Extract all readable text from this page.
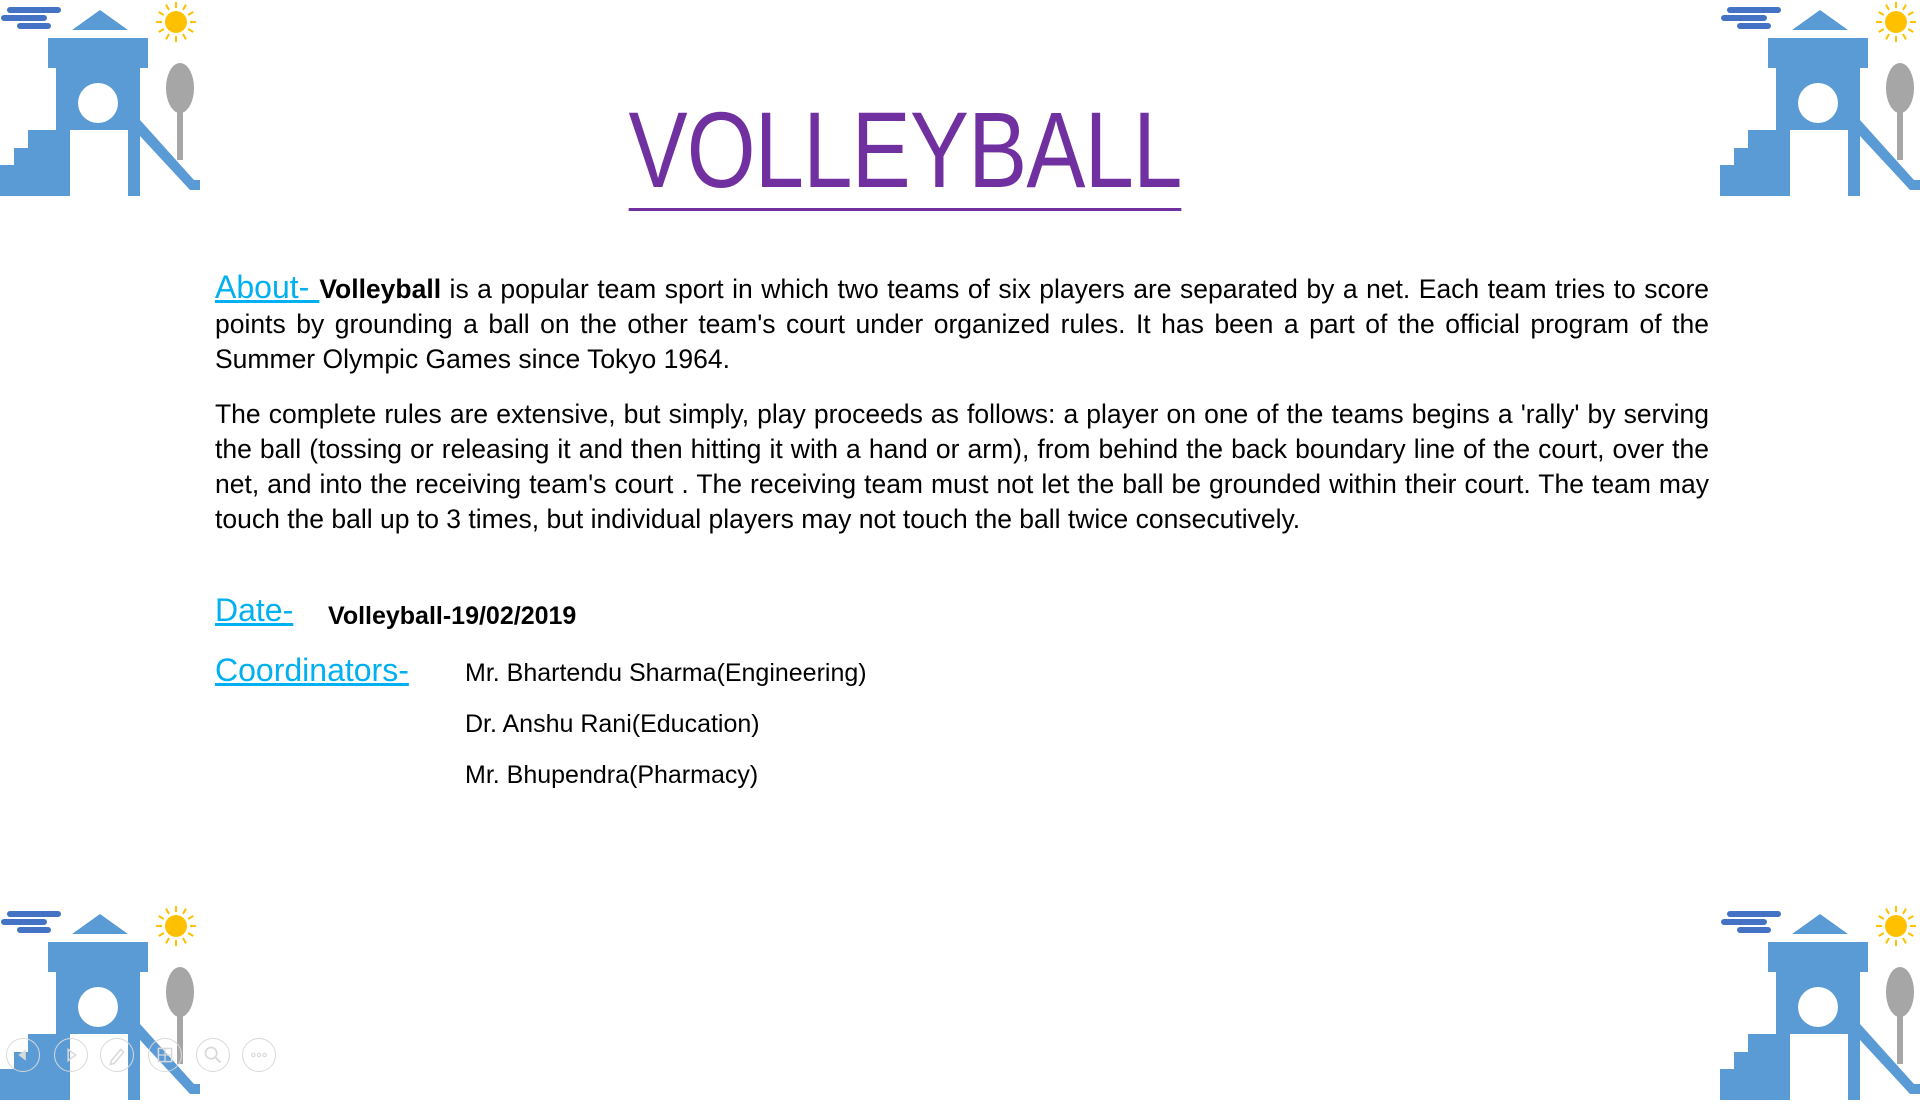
VOLLEYBALL

About- Volleyball is a popular team sport in which two teams of six players are separated by a net. Each team tries to score points by grounding a ball on the other team's court under organized rules. It has been a part of the official program of the Summer Olympic Games since Tokyo 1964.

The complete rules are extensive, but simply, play proceeds as follows: a player on one of the teams begins a 'rally' by serving the ball (tossing or releasing it and then hitting it with a hand or arm), from behind the back boundary line of the court, over the net, and into the receiving team's court . The receiving team must not let the ball be grounded within their court. The team may touch the ball up to 3 times, but individual players may not touch the ball twice consecutively.

Date- Volleyball-19/02/2019
Coordinators- Mr. Bhartendu Sharma(Engineering)
Dr. Anshu Rani(Education)
Mr. Bhupendra(Pharmacy)
